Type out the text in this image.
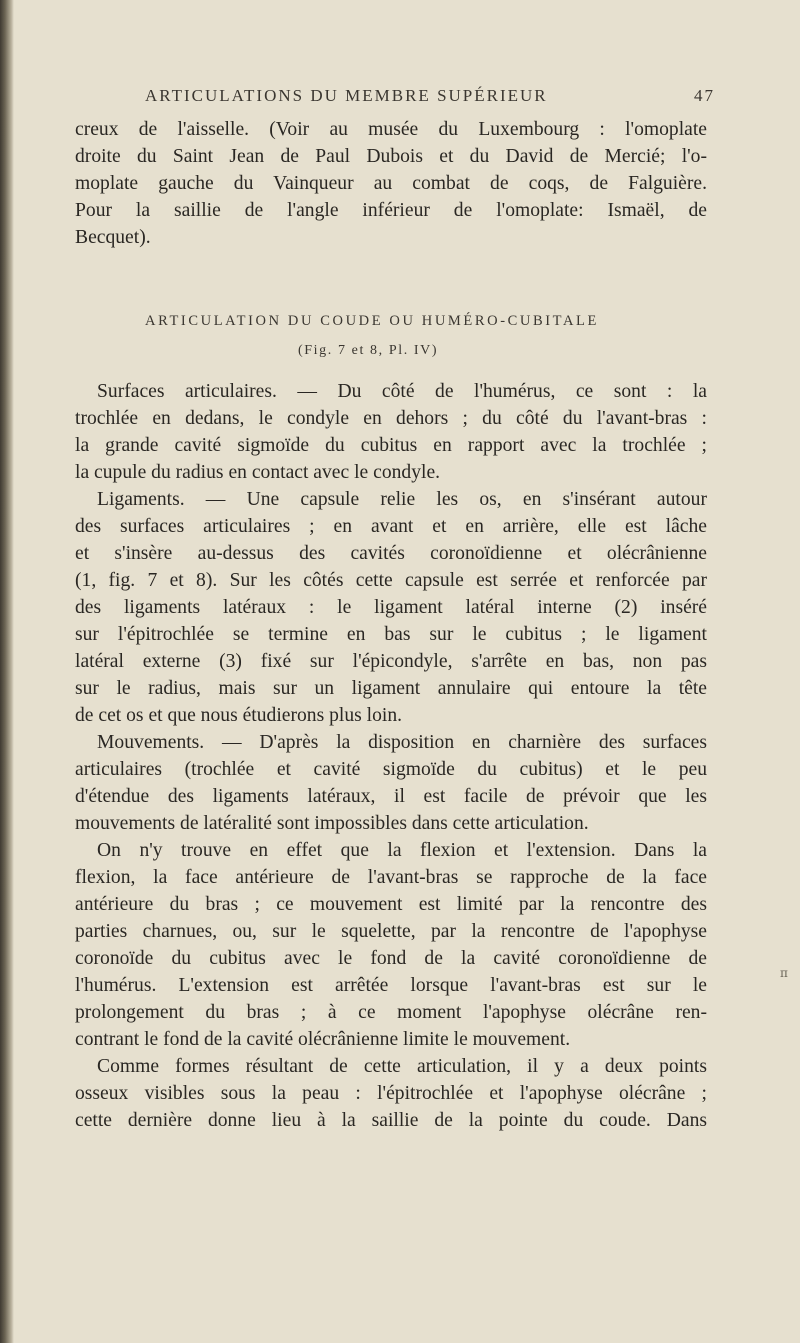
ARTICULATIONS DU MEMBRE SUPÉRIEUR	47
creux de l'aisselle. (Voir au musée du Luxembourg : l'omoplate
droite du Saint Jean de Paul Dubois et du David de Mercié; l'o-
moplate gauche du Vainqueur au combat de coqs, de Falguière.
Pour la saillie de l'angle inférieur de l'omoplate: Ismaël, de
Becquet).
ARTICULATION DU COUDE OU HUMÉRO-CUBITALE
(Fig. 7 et 8, Pl. IV)
Surfaces articulaires. — Du côté de l'humérus, ce sont : la
trochlée en dedans, le condyle en dehors ; du côté du l'avant-bras :
la grande cavité sigmoïde du cubitus en rapport avec la trochlée ;
la cupule du radius en contact avec le condyle.
Ligaments. — Une capsule relie les os, en s'insérant autour
des surfaces articulaires ; en avant et en arrière, elle est lâche
et s'insère au-dessus des cavités coronoïdienne et olécrânienne
(1, fig. 7 et 8). Sur les côtés cette capsule est serrée et renforcée par
des ligaments latéraux : le ligament latéral interne (2) inséré
sur l'épitrochlée se termine en bas sur le cubitus ; le ligament
latéral externe (3) fixé sur l'épicondyle, s'arrête en bas, non pas
sur le radius, mais sur un ligament annulaire qui entoure la tête
de cet os et que nous étudierons plus loin.
Mouvements. — D'après la disposition en charnière des surfaces
articulaires (trochlée et cavité sigmoïde du cubitus) et le peu
d'étendue des ligaments latéraux, il est facile de prévoir que les
mouvements de latéralité sont impossibles dans cette articulation.
On n'y trouve en effet que la flexion et l'extension. Dans la
flexion, la face antérieure de l'avant-bras se rapproche de la face
antérieure du bras ; ce mouvement est limité par la rencontre des
parties charnues, ou, sur le squelette, par la rencontre de l'apophyse
coronoïde du cubitus avec le fond de la cavité coronoïdienne de
l'humérus. L'extension est arrêtée lorsque l'avant-bras est sur le
prolongement du bras ; à ce moment l'apophyse olécrâne ren-
contrant le fond de la cavité olécrânienne limite le mouvement.
Comme formes résultant de cette articulation, il y a deux points
osseux visibles sous la peau : l'épitrochlée et l'apophyse olécrâne ;
cette dernière donne lieu à la saillie de la pointe du coude. Dans
π
